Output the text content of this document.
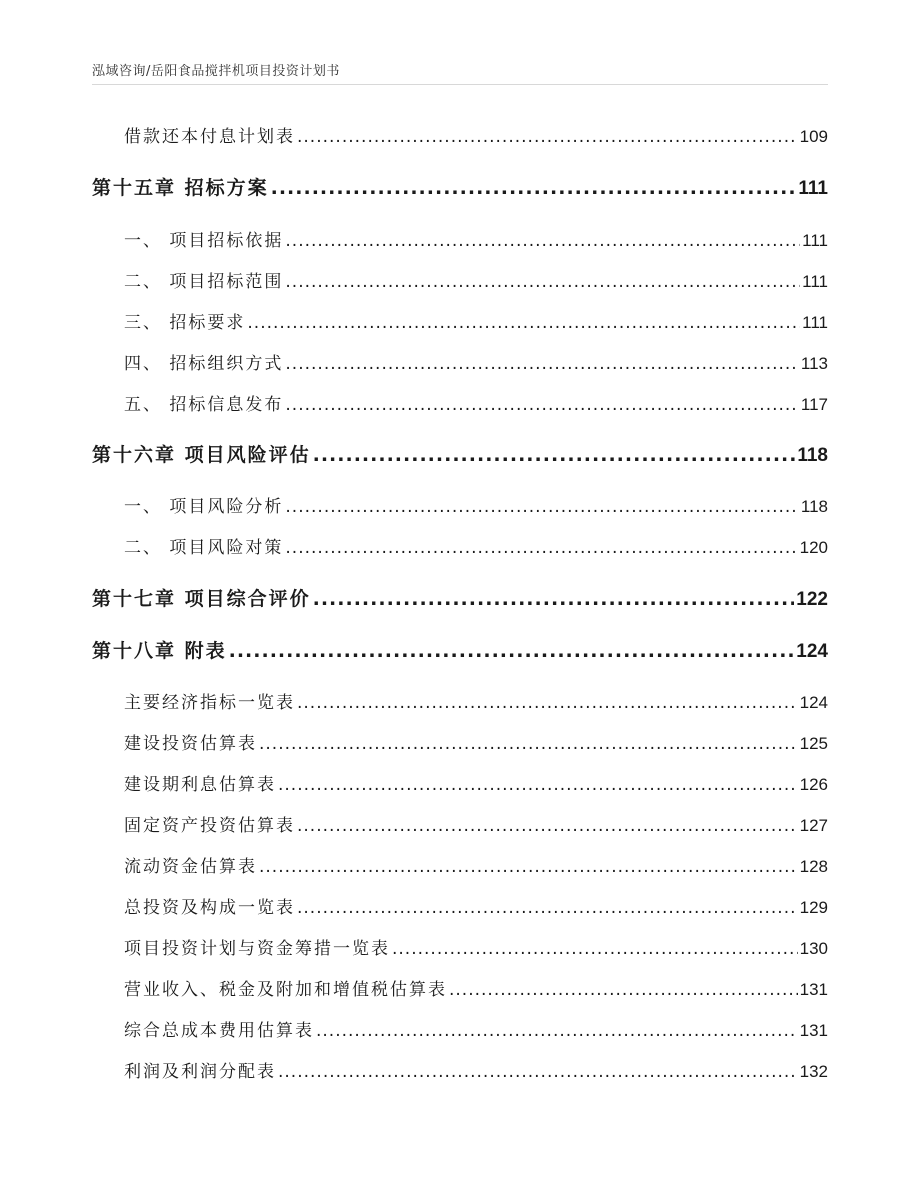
泓域咨询/岳阳食品搅拌机项目投资计划书
借款还本付息计划表 .....	109
第十五章 招标方案 .....	111
一、 项目招标依据 .....	111
二、 项目招标范围 .....	111
三、 招标要求 .....	111
四、 招标组织方式 .....	113
五、 招标信息发布 .....	117
第十六章 项目风险评估 .....	118
一、 项目风险分析 .....	118
二、 项目风险对策 .....	120
第十七章 项目综合评价 .....	122
第十八章 附表 .....	124
主要经济指标一览表 .....	124
建设投资估算表 .....	125
建设期利息估算表 .....	126
固定资产投资估算表 .....	127
流动资金估算表 .....	128
总投资及构成一览表 .....	129
项目投资计划与资金筹措一览表 .....	130
营业收入、税金及附加和增值税估算表 .....	131
综合总成本费用估算表 .....	131
利润及利润分配表 .....	132
